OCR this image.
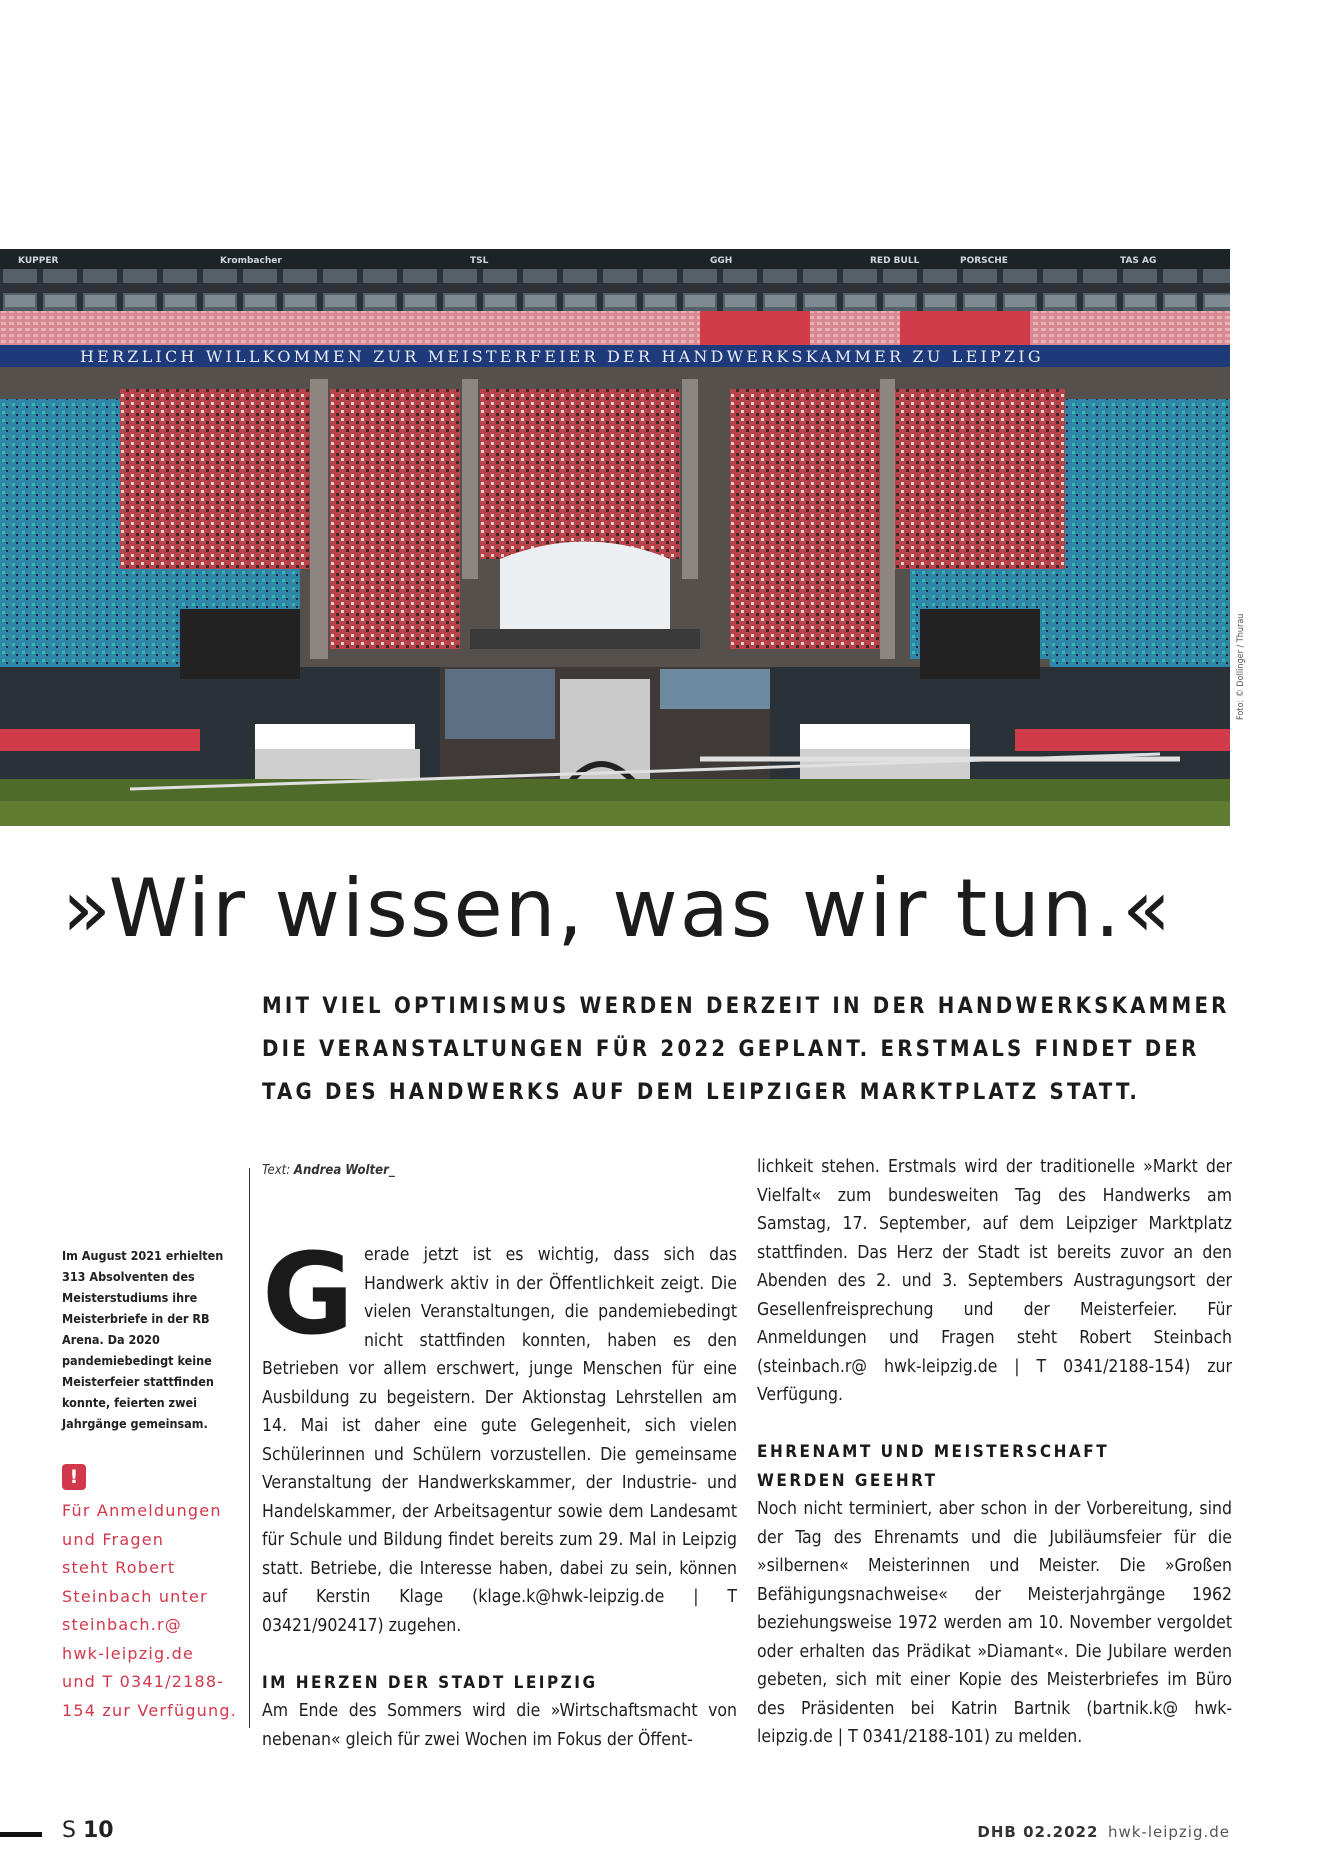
KUPPER	Krombacher	TSL	GGH	RED BULL	PORSCHE	TAS AG
HERZLICH WILLKOMMEN ZUR MEISTERFEIER DER HANDWERKSKAMMER ZU LEIPZIG
Foto: © Dollinger / Thurau
»Wir wissen, was wir tun.«
MIT VIEL OPTIMISMUS WERDEN DERZEIT IN DER HANDWERKSKAMMER
DIE VERANSTALTUNGEN FÜR 2022 GEPLANT. ERSTMALS FINDET DER
TAG DES HANDWERKS AUF DEM LEIPZIGER MARKTPLATZ STATT.
Im August 2021 erhielten 313 Absolventen des Meisterstudiums ihre Meisterbriefe in der RB Arena. Da 2020 pandemiebedingt keine Meisterfeier stattfinden konnte, feierten zwei Jahrgänge gemeinsam.
!
Für Anmeldungen
und Fragen
steht Robert
Steinbach unter
steinbach.r@
hwk-leipzig.de
und T 0341/2188-
154 zur Verfügung.
Text: Andrea Wolter_
G erade jetzt ist es wichtig, dass sich das Handwerk aktiv in der Öffentlichkeit zeigt. Die vielen Veranstaltungen, die pandemiebedingt nicht stattfinden konnten, haben es den Betrieben vor allem erschwert, junge Menschen für eine Ausbildung zu begeistern. Der Aktionstag Lehrstellen am 14. Mai ist daher eine gute Gelegenheit, sich vielen Schülerinnen und Schülern vorzustellen. Die gemeinsame Veranstaltung der Handwerkskammer, der Industrie- und Handelskammer, der Arbeitsagentur sowie dem Landesamt für Schule und Bildung findet bereits zum 29. Mal in Leipzig statt. Betriebe, die Interesse haben, dabei zu sein, können auf Kerstin Klage (klage.k@hwk-leipzig.de | T 03421/902417) zugehen.

IM HERZEN DER STADT LEIPZIG

Am Ende des Sommers wird die »Wirtschaftsmacht von nebenan« gleich für zwei Wochen im Fokus der Öffent-

lichkeit stehen. Erstmals wird der traditionelle »Markt der Vielfalt« zum bundesweiten Tag des Handwerks am Samstag, 17. September, auf dem Leipziger Marktplatz stattfinden. Das Herz der Stadt ist bereits zuvor an den Abenden des 2. und 3. Septembers Austragungsort der Gesellenfreisprechung und der Meisterfeier. Für Anmeldungen und Fragen steht Robert Steinbach (steinbach.r@ hwk-leipzig.de | T 0341/2188-154) zur Verfügung.

EHRENAMT UND MEISTERSCHAFT
WERDEN GEEHRT

Noch nicht terminiert, aber schon in der Vorbereitung, sind der Tag des Ehrenamts und die Jubiläumsfeier für die »silbernen« Meisterinnen und Meister. Die »Großen Befähigungsnachweise« der Meisterjahrgänge 1962 beziehungsweise 1972 werden am 10. November vergoldet oder erhalten das Prädikat »Diamant«. Die Jubilare werden gebeten, sich mit einer Kopie des Meisterbriefes im Büro des Präsidenten bei Katrin Bartnik (bartnik.k@ hwk-leipzig.de | T 0341/2188-101) zu melden.

S 10	DHB 02.2022 hwk-leipzig.de
